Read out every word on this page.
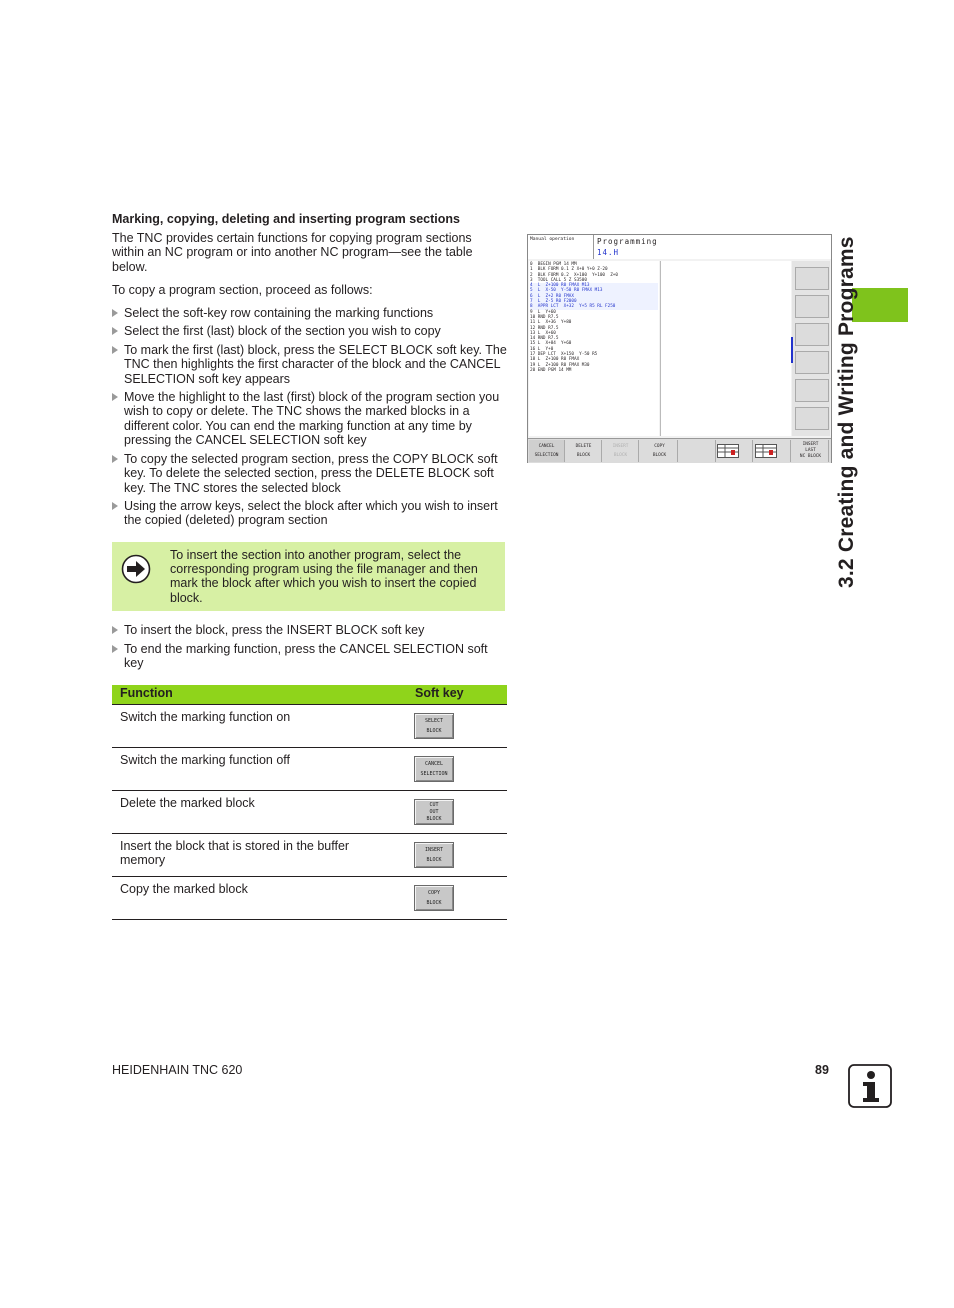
Marking, copying, deleting and inserting program sections
The TNC provides certain functions for copying program sections within an NC program or into another NC program—see the table below.
To copy a program section, proceed as follows:
Select the soft-key row containing the marking functions
Select the first (last) block of the section you wish to copy
To mark the first (last) block, press the SELECT BLOCK soft key. The TNC then highlights the first character of the block and the CANCEL SELECTION soft key appears
Move the highlight to the last (first) block of the program section you wish to copy or delete. The TNC shows the marked blocks in a different color. You can end the marking function at any time by pressing the CANCEL SELECTION soft key
To copy the selected program section, press the COPY BLOCK soft key. To delete the selected section, press the DELETE BLOCK soft key. The TNC stores the selected block
Using the arrow keys, select the block after which you wish to insert the copied (deleted) program section
To insert the section into another program, select the corresponding program using the file manager and then mark the block after which you wish to insert the copied block.
To insert the block, press the INSERT BLOCK soft key
To end the marking function, press the CANCEL SELECTION soft key
Function	Soft key
Switch the marking function on	SELECT
BLOCK
Switch the marking function off	CANCEL
SELECTION
Delete the marked block	CUT
OUT
BLOCK
Insert the block that is stored in the buffer memory
INSERT
BLOCK
Copy the marked block	COPY
BLOCK
Manual operation	Programming
14.H
0  BEGIN PGM 14 MM
1  BLK FORM 0.1 Z X+0 Y+0 Z-20
2  BLK FORM 0.2  X+100  Y+100  Z+0
3  TOOL CALL 5 Z S3500
4  L  Z+100 R0 FMAX M13
5  L  X-50  Y-50 R0 FMAX M13
6  L  Z+2 R0 FMAX
7  L  Z-5 R0 F2000
8  APPR LCT  X+32  Y+5 R5 RL F250
9  L  Y+60
10 RND R7.5
11 L  X+36  Y+80
12 RND R7.5
13 L  X+60
14 RND R7.5
15 L  X+84  Y+60
16 L  Y+0
17 DEP LCT  X+150  Y-50 R5
18 L  Z+100 R0 FMAX
19 L  Z+100 R0 FMAX M30
20 END PGM 14 MM
CANCEL
SELECTION
DELETE
BLOCK
INSERT
BLOCK
COPY
BLOCK
INSERT
LAST
NC BLOCK 3.2 Creating and Writing Programs
HEIDENHAIN TNC 620	89
